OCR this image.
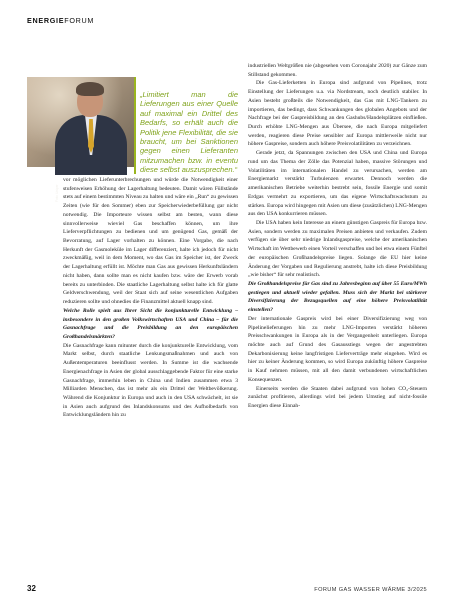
ENERGIEFORUM
Foto: Uniper

„Limitiert man die Lieferungen aus einer Quelle auf maximal ein Drittel des Bedarfs, so erhält auch die Politik jene Flexibilität, die sie braucht, um bei Sanktionen gegen einen Lieferanten mitzumachen bzw. in eventu diese selbst auszusprechen.“

vor möglichen Lieferunterbrechungen und würde die Notwendigkeit einer stufenweisen Erhöhung der Lagerhaltung bedeuten. Damit wären Füllstände stets auf einem bestimmten Niveau zu halten und wäre ein „Run“ zu gewissen Zeiten (wie für den Sommer) eben zur Speicherwiederbefüllung gar nicht notwendig. Die Importeure wissen selbst am besten, wann diese sinnvollerweise wieviel Gas beschaffen können, um ihre Lieferverpflichtungen zu bedienen und um genügend Gas, gemäß der Bevorratung, auf Lager vorhalten zu können. Eine Vorgabe, die nach Herkunft der Gasmoleküle im Lager differenziert, halte ich jedoch für nicht zweckmäßig, weil in dem Moment, wo das Gas im Speicher ist, der Zweck der Lagerhaltung erfüllt ist. Möchte man Gas aus gewissen Herkunftsländern nicht haben, dann sollte man es nicht kaufen bzw. wäre der Erwerb vorab bereits zu unterbinden. Die staatliche Lagerhaltung selbst halte ich für glatte Geldverschwendung, weil der Staat sich auf seine wesentlichen Aufgaben reduzieren sollte und ohnedies die Finanzmittel aktuell knapp sind.

Welche Rolle spielt aus Ihrer Sicht die konjunkturelle Entwicklung – insbesondere in den großen Volkswirtschaften USA und China – für die Gasnachfrage und die Preisbildung an den europäischen Großhandelsmärkten?

Die Gasnachfrage kann mitunter durch die konjunkturelle Entwicklung, vom Markt selbst, durch staatliche Lenkungsmaßnahmen und auch von Außentemperaturen beeinflusst werden. In Summe ist die wachsende Energienachfrage in Asien der global ausschlaggebende Faktor für eine starke Gasnachfrage, immerhin leben in China und Indien zusammen etwa 3 Milliarden Menschen, das ist mehr als ein Drittel der Weltbevölkerung. Während die Konjunktur in Europa und auch in den USA schwächelt, ist sie in Asien auch aufgrund des Inlandskonsums und des Aufholbedarfs von Entwicklungsländern hin zu

industriellen Weltgrößen nie (abgesehen vom Coronajahr 2020) zur Gänze zum Stillstand gekommen.

Die Gas-Lieferketten in Europa sind aufgrund von Pipelines, trotz Einstellung der Lieferungen u.a. via Nordstream, noch deutlich stabiler. In Asien besteht großteils die Notwendigkeit, das Gas mit LNG-Tankern zu importieren, das bedingt, dass Schwankungen des globalen Angebots und der Nachfrage bei der Gaspreisbildung an den Gashubs/Handelsplätzen einfließen. Durch erhöhte LNG-Mengen aus Übersee, die nach Europa mitgeliefert werden, reagieren diese Preise sensibler auf Europa mittlerweile nicht nur höhere Gaspreise, sondern auch höhere Preisvolatilitäten zu verzeichnen.

Gerade jetzt, da Spannungen zwischen den USA und China und Europa rund um das Thema der Zölle das Potenzial haben, massive Störungen und Volatilitäten im internationalen Handel zu verursachen, werden am Energiemarkt verstärkt Turbulenzen erwartet. Dennoch werden die amerikanischen Betriebe weiterhin bestrebt sein, fossile Energie und somit Erdgas vermehrt zu exportieren, um das eigene Wirtschaftswachstum zu stärken. Europa wird hingegen mit Asien um diese (zusätzlichen) LNG-Mengen aus den USA konkurrieren müssen.

Die USA haben kein Interesse an einem günstigen Gaspreis für Europa bzw. Asien, sondern werden zu maximalen Preisen anbieten und verkaufen. Zudem verfügen sie über sehr niedrige Inlandsgaspreise, welche der amerikanischen Wirtschaft im Wettbewerb einen Vorteil verschaffen und bei etwa einem Fünftel der europäischen Großhandelspreise liegen. Solange die EU hier keine Änderung der Vorgaben und Regulierung anstrebt, halte ich diese Preisbildung „wie bisher“ für sehr realistisch.

Die Großhandelspreise für Gas sind zu Jahresbeginn auf über 55 Euro/MWh gestiegen und aktuell wieder gefallen. Muss sich der Markt bei stärkerer Diversifizierung der Bezugsquellen auf eine höhere Preisvolatilität einstellen?

Der internationale Gaspreis wird bei einer Diversifizierung weg von Pipelinelieferungen hin zu mehr LNG-Importen verstärkt höheren Preisschwankungen in Europa als in der Vergangenheit unterliegen. Europa möchte auch auf Grund des Gasausstiegs wegen der angestrebten Dekarbonisierung keine langfristigen Lieferverträge mehr eingehen. Wird es hier zu keiner Änderung kommen, so wird Europa zukünftig höhere Gaspreise in Kauf nehmen müssen, mit all den damit verbundenen wirtschaftlichen Konsequenzen.

Einerseits werden die Staaten dabei aufgrund von hohen CO₂-Steuern zunächst profitieren, allerdings wird bei jedem Umstieg auf nicht-fossile Energien diese Einnah-

32	FORUM GAS WASSER WÄRME 3/2025
